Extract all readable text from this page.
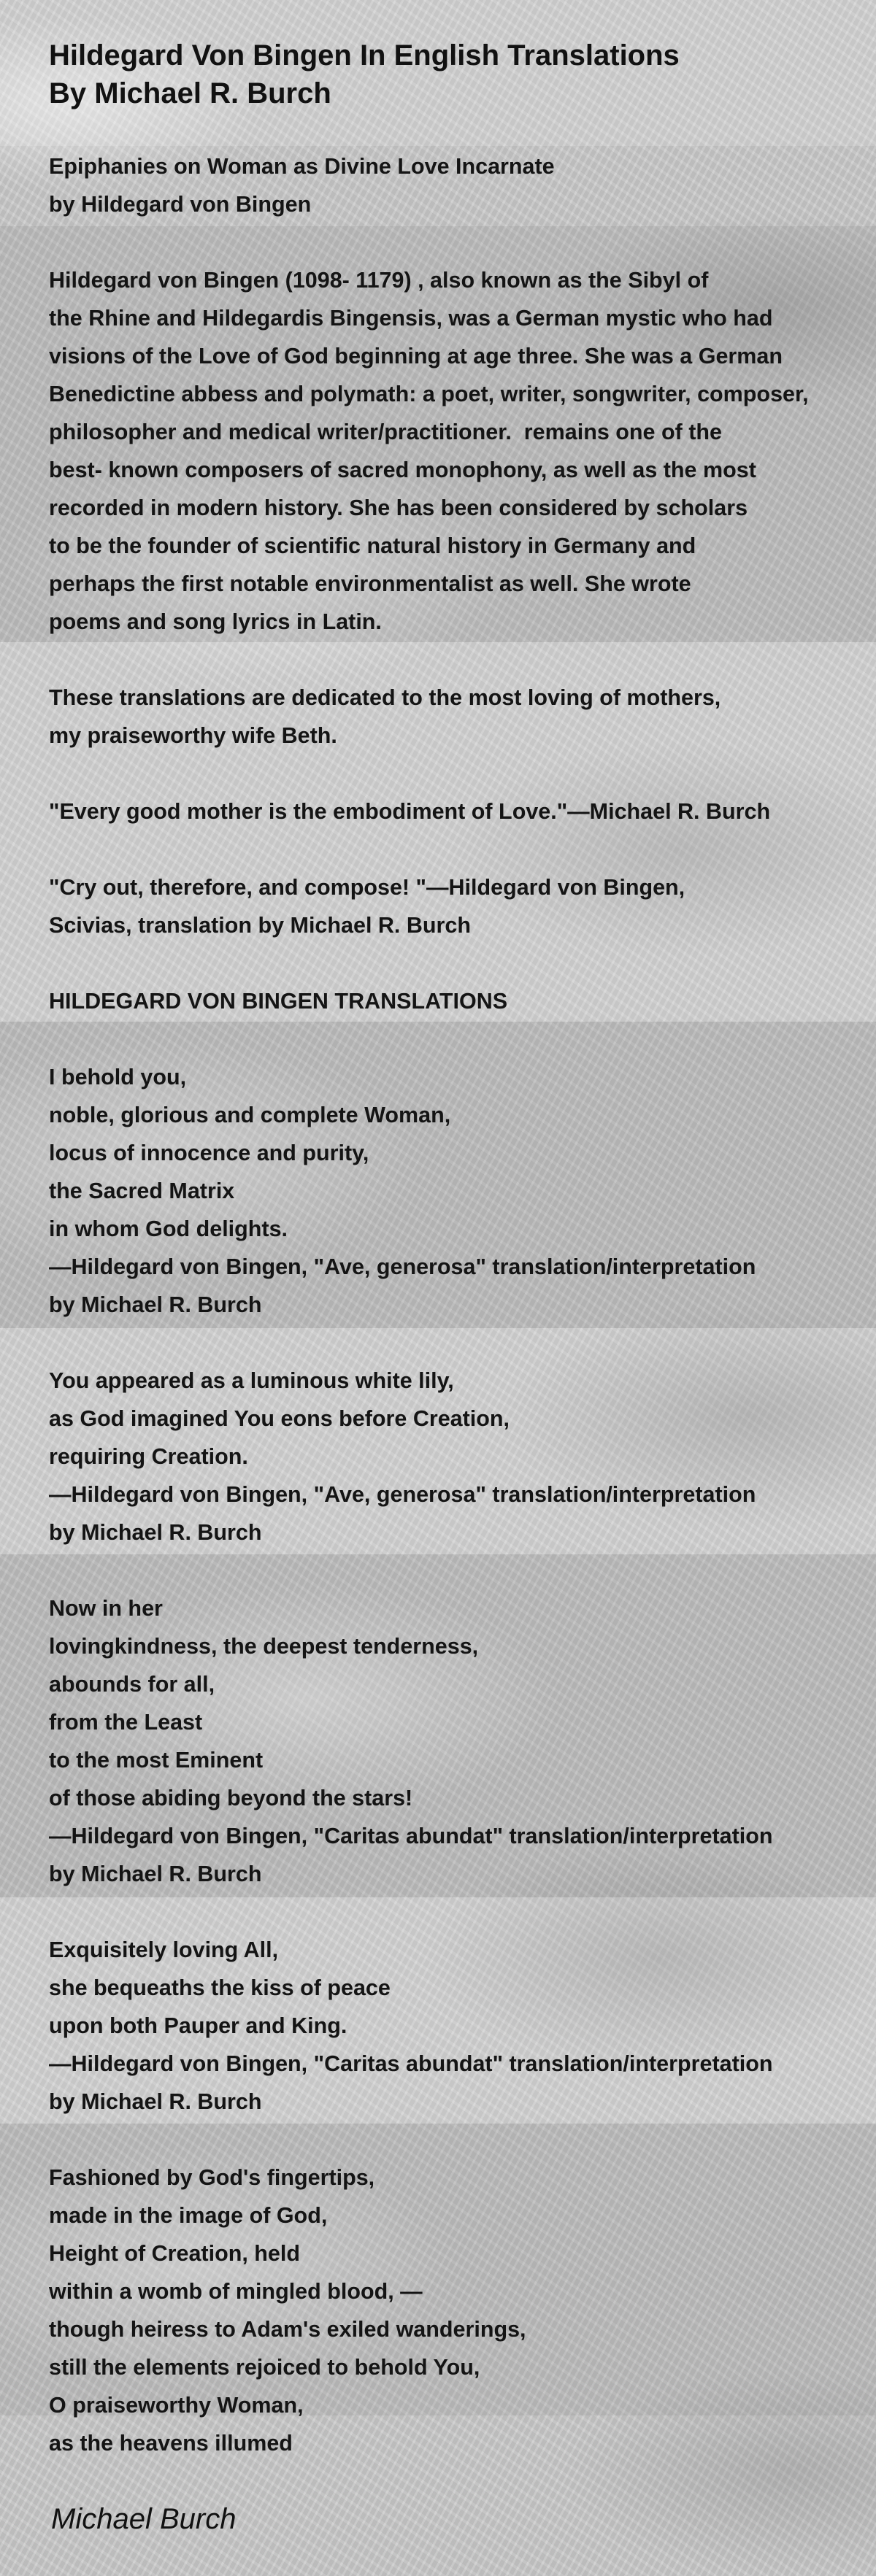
Hildegard Von Bingen In English Translations
By Michael R. Burch
Epiphanies on Woman as Divine Love Incarnate
by Hildegard von Bingen
Hildegard von Bingen (1098- 1179) , also known as the Sibyl of
the Rhine and Hildegardis Bingensis, was a German mystic who had
visions of the Love of God beginning at age three. She was a German
Benedictine abbess and polymath: a poet, writer, songwriter, composer,
philosopher and medical writer/practitioner.  remains one of the
best- known composers of sacred monophony, as well as the most
recorded in modern history. She has been considered by scholars
to be the founder of scientific natural history in Germany and
perhaps the first notable environmentalist as well. She wrote
poems and song lyrics in Latin.
These translations are dedicated to the most loving of mothers,
my praiseworthy wife Beth.
"Every good mother is the embodiment of Love."—Michael R. Burch
"Cry out, therefore, and compose! "—Hildegard von Bingen,
Scivias, translation by Michael R. Burch
HILDEGARD VON BINGEN TRANSLATIONS
I behold you,
noble, glorious and complete Woman,
locus of innocence and purity,
the Sacred Matrix
in whom God delights.
—Hildegard von Bingen, "Ave, generosa" translation/interpretation
by Michael R. Burch
You appeared as a luminous white lily,
as God imagined You eons before Creation,
requiring Creation.
—Hildegard von Bingen, "Ave, generosa" translation/interpretation
by Michael R. Burch
Now in her
lovingkindness, the deepest tenderness,
abounds for all,
from the Least
to the most Eminent
of those abiding beyond the stars!
—Hildegard von Bingen, "Caritas abundat" translation/interpretation
by Michael R. Burch
Exquisitely loving All,
she bequeaths the kiss of peace
upon both Pauper and King.
—Hildegard von Bingen, "Caritas abundat" translation/interpretation
by Michael R. Burch
Fashioned by God's fingertips,
made in the image of God,
Height of Creation, held
within a womb of mingled blood, —
though heiress to Adam's exiled wanderings,
still the elements rejoiced to behold You,
O praiseworthy Woman,
as the heavens illumed
Michael Burch
